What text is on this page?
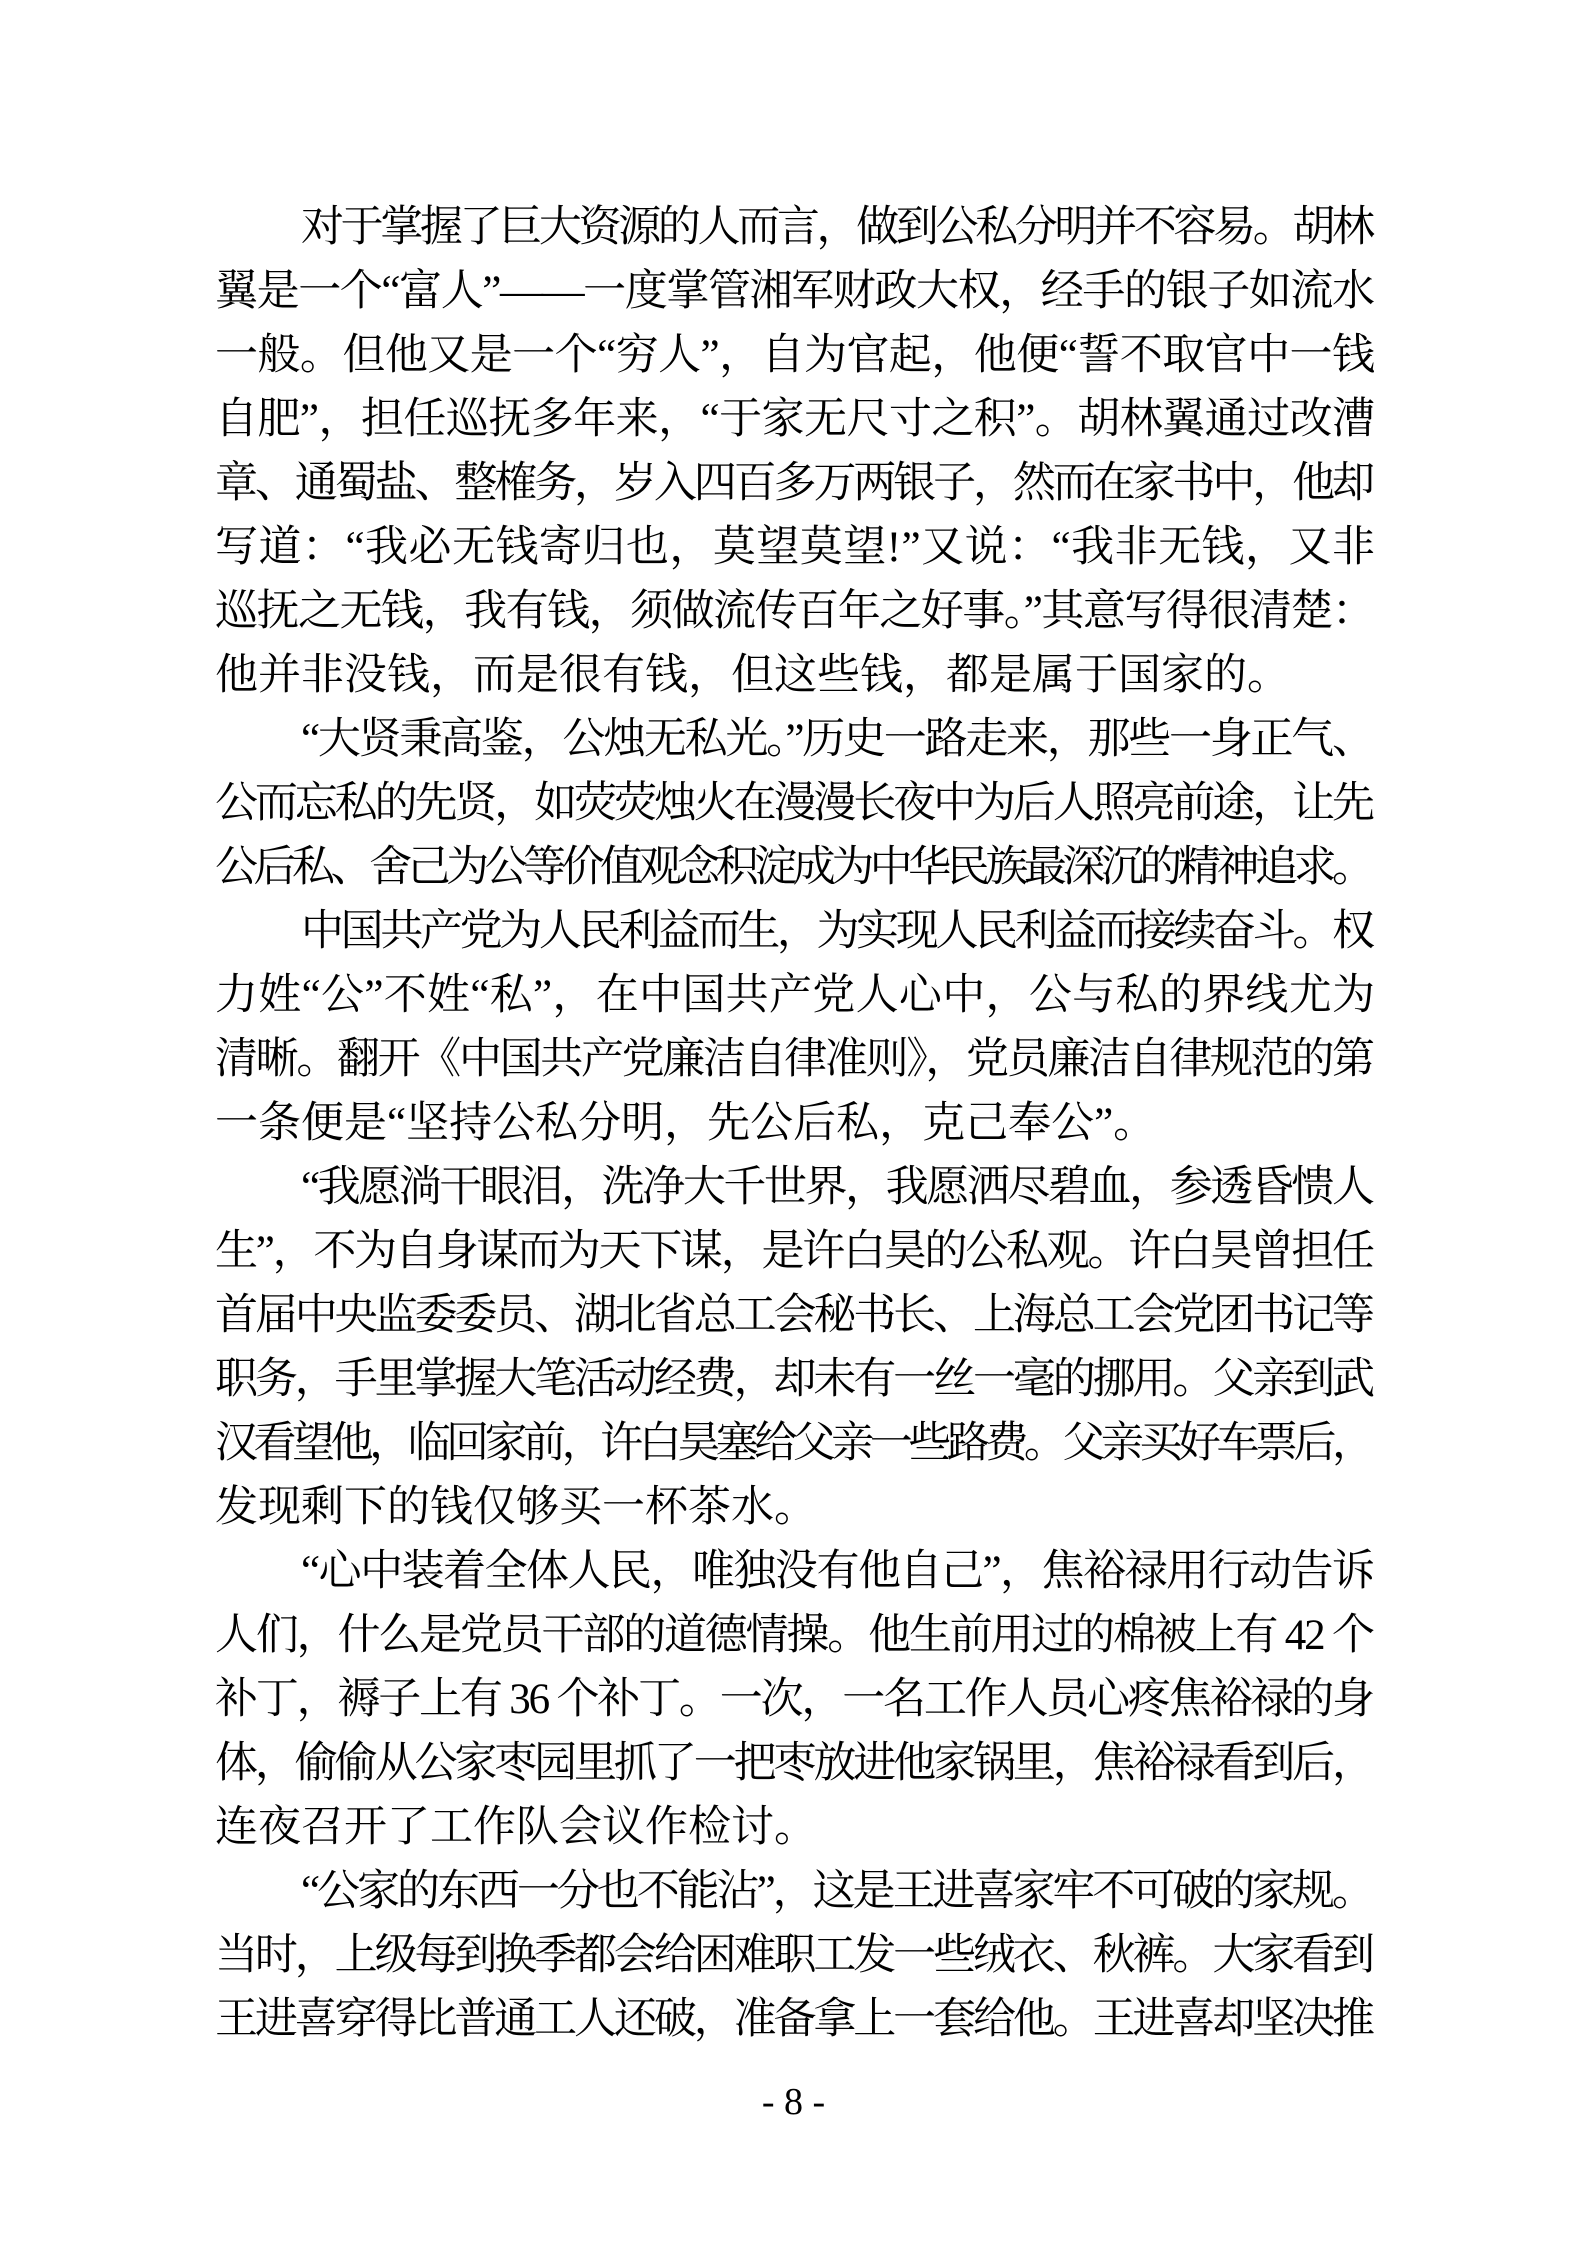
对于掌握了巨大资源的人而言，做到公私分明并不容易。胡林
翼是一个“富人”——一度掌管湘军财政大权，经手的银子如流水
一般。但他又是一个“穷人”，自为官起，他便“誓不取官中一钱
自肥”，担任巡抚多年来，“于家无尺寸之积”。胡林翼通过改漕
章、通蜀盐、整榷务，岁入四百多万两银子，然而在家书中，他却
写道：“我必无钱寄归也，莫望莫望!”又说：“我非无钱，又非
巡抚之无钱，我有钱，须做流传百年之好事。”其意写得很清楚：
他并非没钱，而是很有钱，但这些钱，都是属于国家的。
“大贤秉高鉴，公烛无私光。”历史一路走来，那些一身正气、
公而忘私的先贤，如荧荧烛火在漫漫长夜中为后人照亮前途，让先
公后私、舍己为公等价值观念积淀成为中华民族最深沉的精神追求。
中国共产党为人民利益而生，为实现人民利益而接续奋斗。权
力姓“公”不姓“私”，在中国共产党人心中，公与私的界线尤为
清晰。翻开《中国共产党廉洁自律准则》，党员廉洁自律规范的第
一条便是“坚持公私分明，先公后私，克己奉公”。
“我愿淌干眼泪，洗净大千世界，我愿洒尽碧血，参透昏愦人
生”，不为自身谋而为天下谋，是许白昊的公私观。许白昊曾担任
首届中央监委委员、湖北省总工会秘书长、上海总工会党团书记等
职务，手里掌握大笔活动经费，却未有一丝一毫的挪用。父亲到武
汉看望他，临回家前，许白昊塞给父亲一些路费。父亲买好车票后，
发现剩下的钱仅够买一杯茶水。
“心中装着全体人民，唯独没有他自己”，焦裕禄用行动告诉
人们，什么是党员干部的道德情操。他生前用过的棉被上有 42 个
补丁，褥子上有 36 个补丁。一次，一名工作人员心疼焦裕禄的身
体，偷偷从公家枣园里抓了一把枣放进他家锅里，焦裕禄看到后，
连夜召开了工作队会议作检讨。
“公家的东西一分也不能沾”，这是王进喜家牢不可破的家规。
当时，上级每到换季都会给困难职工发一些绒衣、秋裤。大家看到
王进喜穿得比普通工人还破，准备拿上一套给他。王进喜却坚决推
- 8 -
